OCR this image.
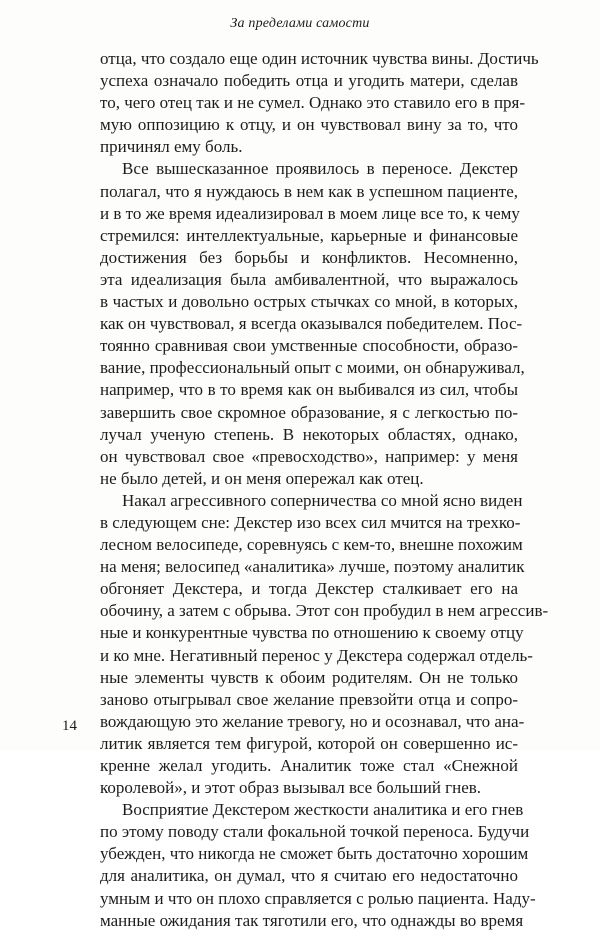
За пределами самости
отца, что создало еще один источник чувства вины. Достичь
успеха означало победить отца и угодить матери, сделав
то, чего отец так и не сумел. Однако это ставило его в пря-
мую оппозицию к отцу, и он чувствовал вину за то, что
причинял ему боль.
Все вышесказанное проявилось в переносе. Декстер
полагал, что я нуждаюсь в нем как в успешном пациенте,
и в то же время идеализировал в моем лице все то, к чему
стремился: интеллектуальные, карьерные и финансовые
достижения без борьбы и конфликтов. Несомненно,
эта идеализация была амбивалентной, что выражалось
в частых и довольно острых стычках со мной, в которых,
как он чувствовал, я всегда оказывался победителем. Пос-
тоянно сравнивая свои умственные способности, образо-
вание, профессиональный опыт с моими, он обнаруживал,
например, что в то время как он выбивался из сил, чтобы
завершить свое скромное образование, я с легкостью по-
лучал ученую степень. В некоторых областях, однако,
он чувствовал свое «превосходство», например: у меня
не было детей, и он меня опережал как отец.
Накал агрессивного соперничества со мной ясно виден
в следующем сне: Декстер изо всех сил мчится на трехко-
лесном велосипеде, соревнуясь с кем-то, внешне похожим
на меня; велосипед «аналитика» лучше, поэтому аналитик
обгоняет Декстера, и тогда Декстер сталкивает его на
обочину, а затем с обрыва. Этот сон пробудил в нем агрессив-
ные и конкурентные чувства по отношению к своему отцу
и ко мне. Негативный перенос у Декстера содержал отдель-
ные элементы чувств к обоим родителям. Он не только
заново отыгрывал свое желание превзойти отца и сопро-
вождающую это желание тревогу, но и осознавал, что ана-
литик является тем фигурой, которой он совершенно ис-
кренне желал угодить. Аналитик тоже стал «Снежной
королевой», и этот образ вызывал все больший гнев.
Восприятие Декстером жесткости аналитика и его гнев
по этому поводу стали фокальной точкой переноса. Будучи
убежден, что никогда не сможет быть достаточно хорошим
для аналитика, он думал, что я считаю его недостаточно
умным и что он плохо справляется с ролью пациента. Наду-
манные ожидания так тяготили его, что однажды во время
14
